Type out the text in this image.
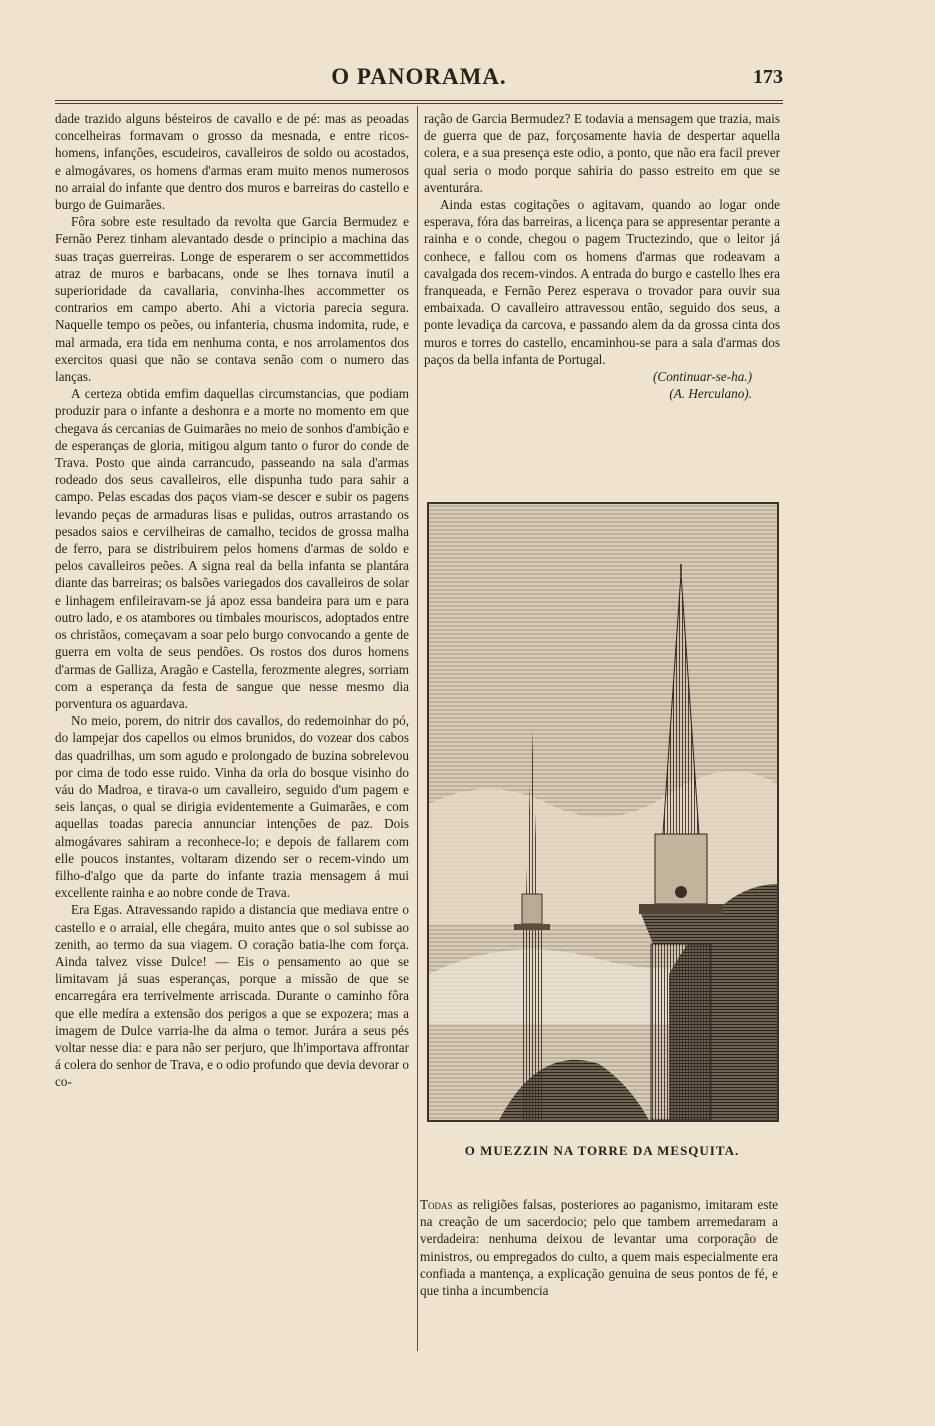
O PANORAMA.	173

dade trazido alguns bésteiros de cavallo e de pé: mas as peoadas concelheiras formavam o grosso da mesnada, e entre ricos-homens, infanções, escudeiros, cavalleiros de soldo ou acostados, e almogávares, os homens d'armas eram muito menos numerosos no arraial do infante que dentro dos muros e barreiras do castello e burgo de Guimarães.

Fôra sobre este resultado da revolta que Garcia Bermudez e Fernão Perez tinham alevantado desde o principio a machina das suas traças guerreiras. Longe de esperarem o ser accommettidos atraz de muros e barbacans, onde se lhes tornava inutil a superioridade da cavallaria, convinha-lhes accommetter os contrarios em campo aberto. Ahi a victoria parecia segura. Naquelle tempo os peões, ou infanteria, chusma indomita, rude, e mal armada, era tida em nenhuma conta, e nos arrolamentos dos exercitos quasi que não se contava senão com o numero das lanças.

A certeza obtida emfim daquellas circumstancias, que podiam produzir para o infante a deshonra e a morte no momento em que chegava ás cercanias de Guimarães no meio de sonhos d'ambição e de esperanças de gloria, mitigou algum tanto o furor do conde de Trava. Posto que ainda carrancudo, passeando na sala d'armas rodeado dos seus cavalleiros, elle dispunha tudo para sahir a campo. Pelas escadas dos paços viam-se descer e subir os pagens levando peças de armaduras lisas e pulidas, outros arrastando os pesados saios e cervilheiras de camalho, tecidos de grossa malha de ferro, para se distribuirem pelos homens d'armas de soldo e pelos cavalleiros peões. A signa real da bella infanta se plantára diante das barreiras; os balsões variegados dos cavalleiros de solar e linhagem enfileiravam-se já apoz essa bandeira para um e para outro lado, e os atambores ou timbales mouriscos, adoptados entre os christãos, começavam a soar pelo burgo convocando a gente de guerra em volta de seus pendões. Os rostos dos duros homens d'armas de Galliza, Aragão e Castella, ferozmente alegres, sorriam com a esperança da festa de sangue que nesse mesmo dia porventura os aguardava.

No meio, porem, do nitrir dos cavallos, do redemoinhar do pó, do lampejar dos capellos ou elmos brunidos, do vozear dos cabos das quadrilhas, um som agudo e prolongado de buzina sobrelevou por cima de todo esse ruido. Vinha da orla do bosque visinho do váu do Madroa, e tirava-o um cavalleiro, seguido d'um pagem e seis lanças, o qual se dirigia evidentemente a Guimarães, e com aquellas toadas parecia annunciar intenções de paz. Dois almogávares sahiram a reconhece-lo; e depois de fallarem com elle poucos instantes, voltaram dizendo ser o recem-vindo um filho-d'algo que da parte do infante trazia mensagem á mui excellente rainha e ao nobre conde de Trava.

Era Egas. Atravessando rapido a distancia que mediava entre o castello e o arraial, elle chegára, muito antes que o sol subisse ao zenith, ao termo da sua viagem. O coração batia-lhe com força. Ainda talvez visse Dulce! — Eis o pensamento ao que se limitavam já suas esperanças, porque a missão de que se encarregára era terrivelmente arriscada. Durante o caminho fôra que elle medíra a extensão dos perigos a que se expozera; mas a imagem de Dulce varria-lhe da alma o temor. Jurára a seus pés voltar nesse dia: e para não ser perjuro, que lh'importava affrontar á colera do senhor de Trava, e o odio profundo que devia devorar o co-

ração de Garcia Bermudez? E todavia a mensagem que trazia, mais de guerra que de paz, forçosamente havia de despertar aquella colera, e a sua presença este odio, a ponto, que não era facil prever qual seria o modo porque sahiria do passo estreito em que se aventurára.

Ainda estas cogitações o agitavam, quando ao logar onde esperava, fóra das barreiras, a licença para se appresentar perante a rainha e o conde, chegou o pagem Tructezindo, que o leitor já conhece, e fallou com os homens d'armas que rodeavam a cavalgada dos recem-vindos. A entrada do burgo e castello lhes era franqueada, e Fernão Perez esperava o trovador para ouvir sua embaixada. O cavalleiro attravessou então, seguido dos seus, a ponte levadiça da carcova, e passando alem da da grossa cinta dos muros e torres do castello, encaminhou-se para a sala d'armas dos paços da bella infanta de Portugal.

(Continuar-se-ha.)
(A. Herculano).
O MUEZZIN NA TORRE DA MESQUITA.

Todas as religiões falsas, posteriores ao paganismo, imitaram este na creação de um sacerdocio; pelo que tambem arremedaram a verdadeira: nenhuma deixou de levantar uma corporação de ministros, ou empregados do culto, a quem mais especialmente era confiada a mantença, a explicação genuina de seus pontos de fé, e que tinha a incumbencia
